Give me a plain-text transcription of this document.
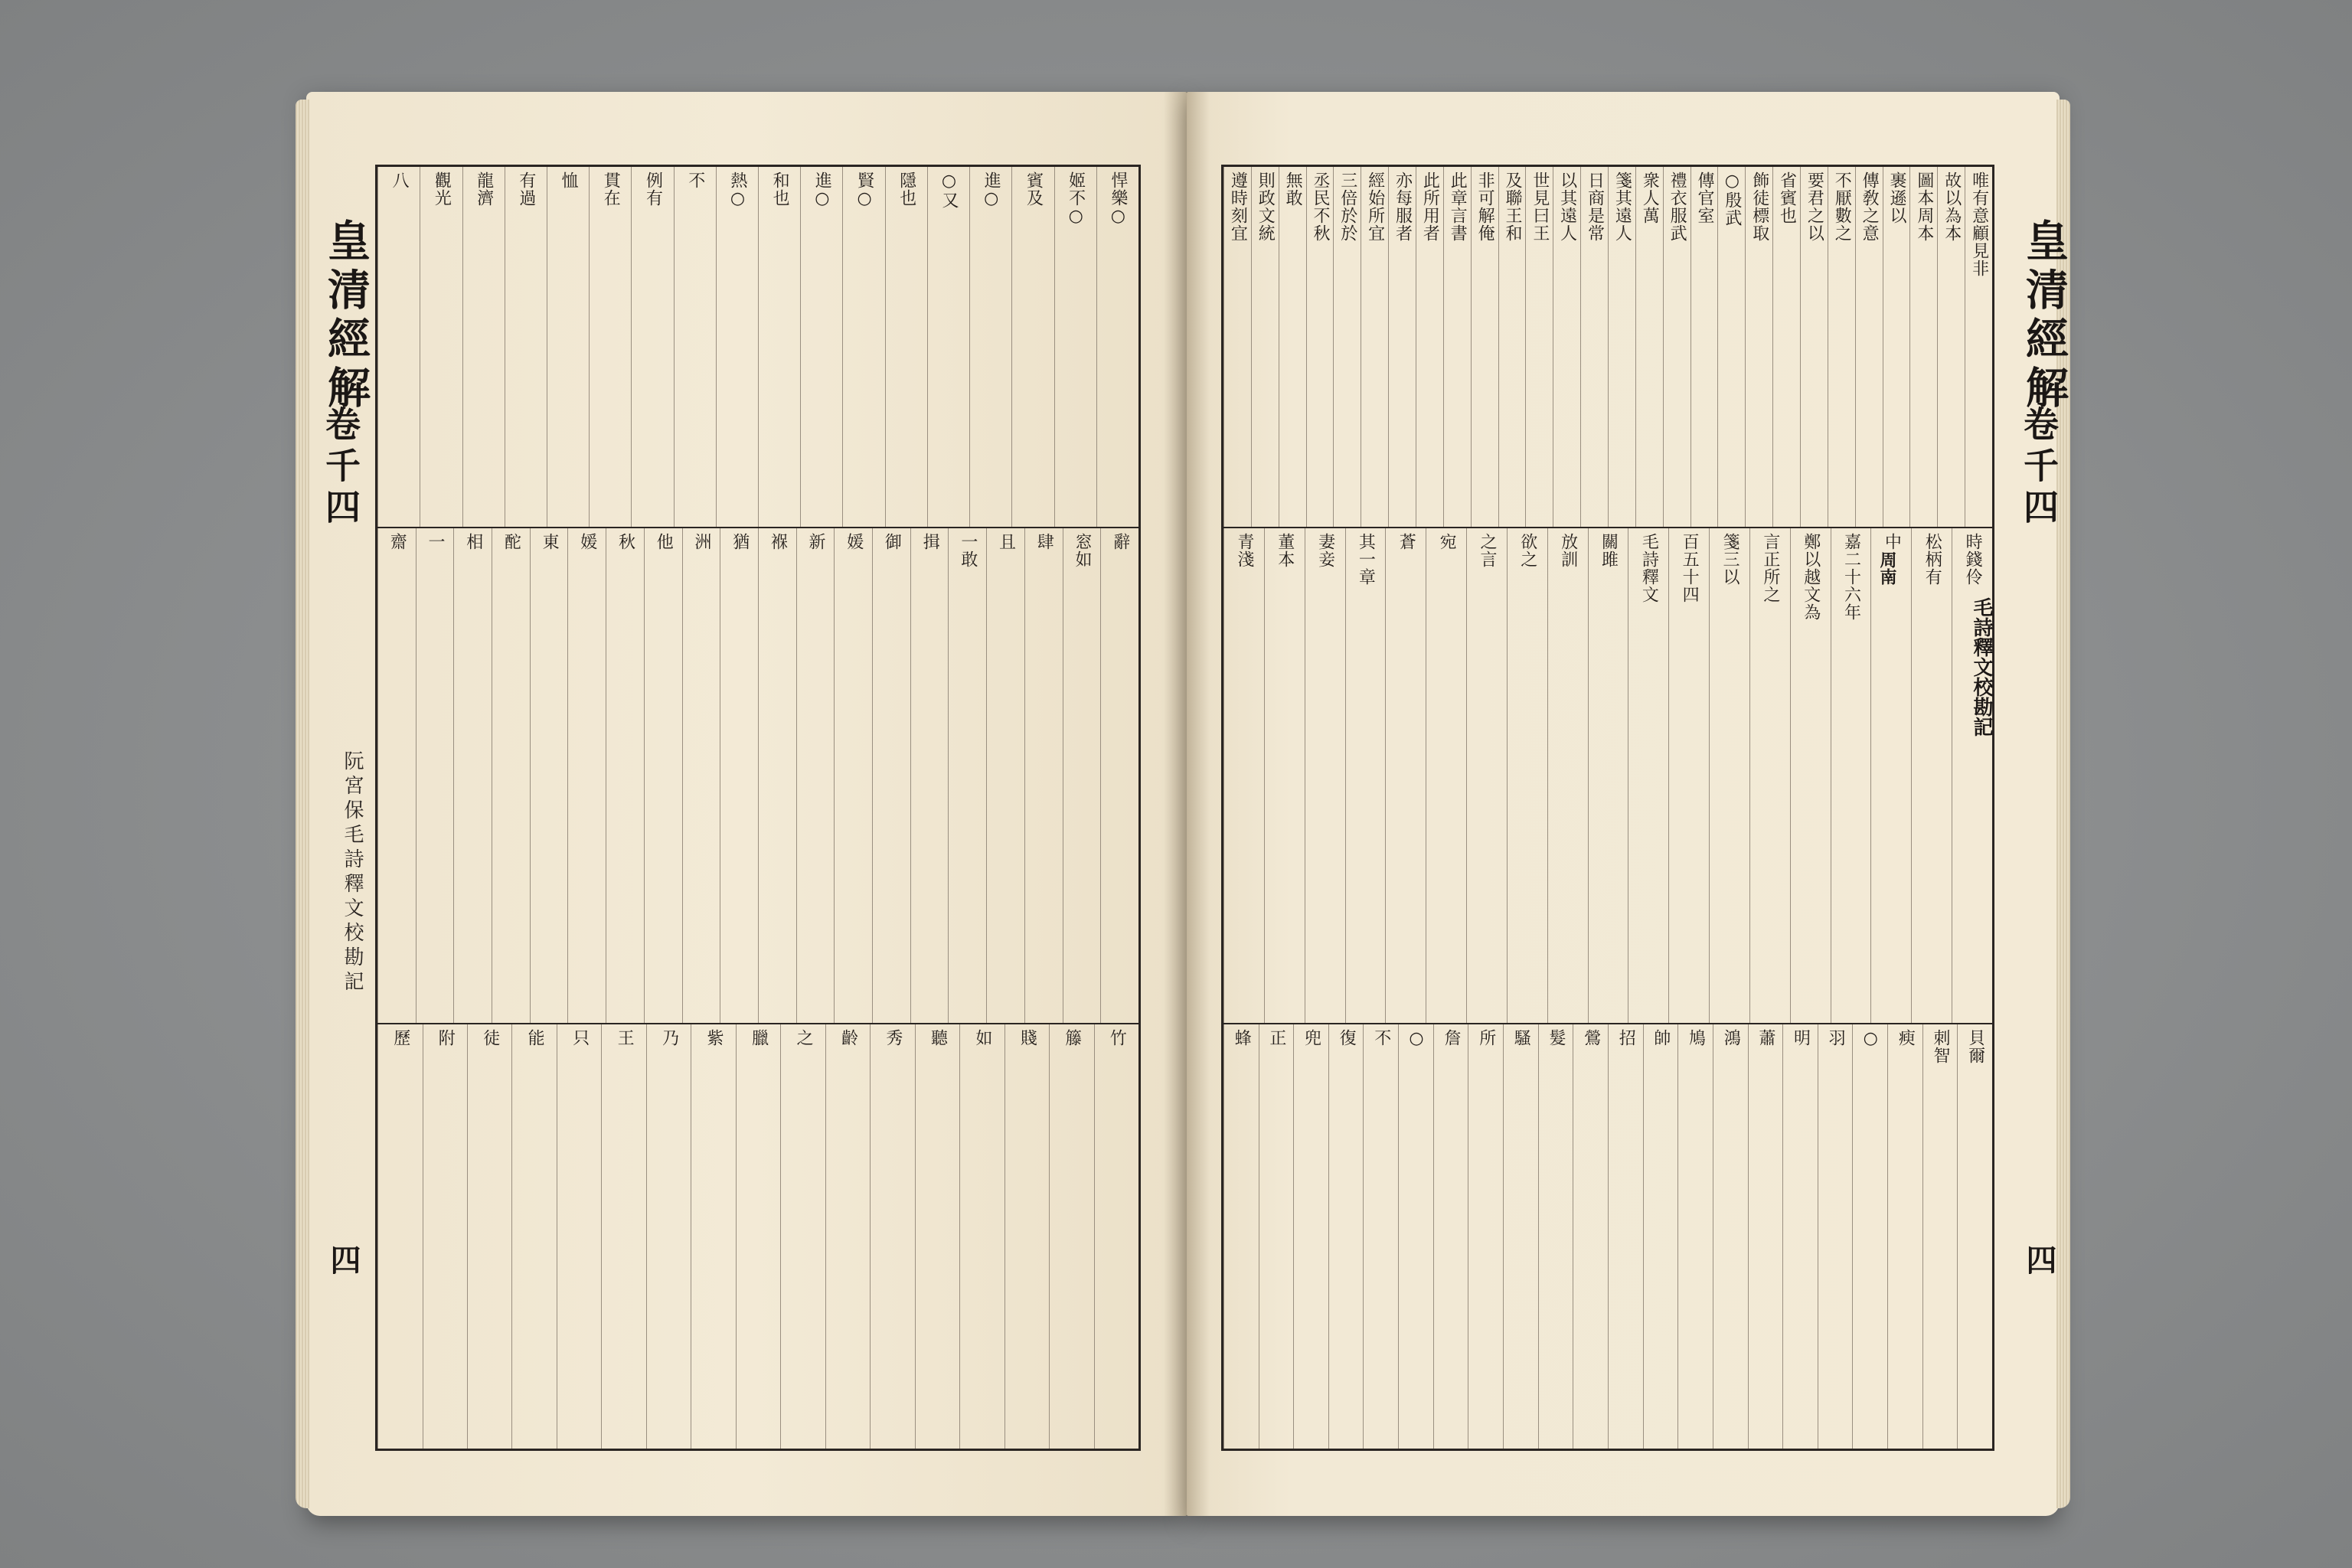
皇清經解
卷千四
四
悍樂○
姬不○
賓及
進○
○又
隱也
賢○
進○
和也
熱○
不
例有
貫在
恤
有過
龍濟
觀光
八
辭
窓如
肆
且
一敢
揖
御
媛
新
褓
猶
洲
他
秋
媛
東
酡
相
一
齋
竹
籐
賤
如
聽
秀
齡
之
臘
紫
乃
王
只
能
徒
附
歷
阮宮保毛詩釋文校勘記
唯有意顧見非
故以為本
圖本周本
裹遜以
傳敎之意
不厭數之
要君之以
省賓也
飾徒標取
○殷武
傳官室
禮衣服武
衆人萬
箋其遠人
日商是常
以其遠人
世見曰王
及聯王和
非可解俺
此章言書
此所用者
亦每服者
經始所宜
三倍於於
丞民不秋
無敢
則政文統
遵時刻宜
時錢伶
松柄有
中
嘉二十六年
鄭以越文為
言正所之
箋三以
百五十四
毛詩釋文
關雎
放訓
欲之
之言
宛
蒼
其一章
妻妾
董本
青淺
貝爾
刺智
瘐
○
羽
明
蕭
鴻
鳩
帥
招
鶯
髮
騷
所
詹
○
不
復
兜
正
蜂
皇清經解
卷千四
四
毛詩釋文校勘記
周南
